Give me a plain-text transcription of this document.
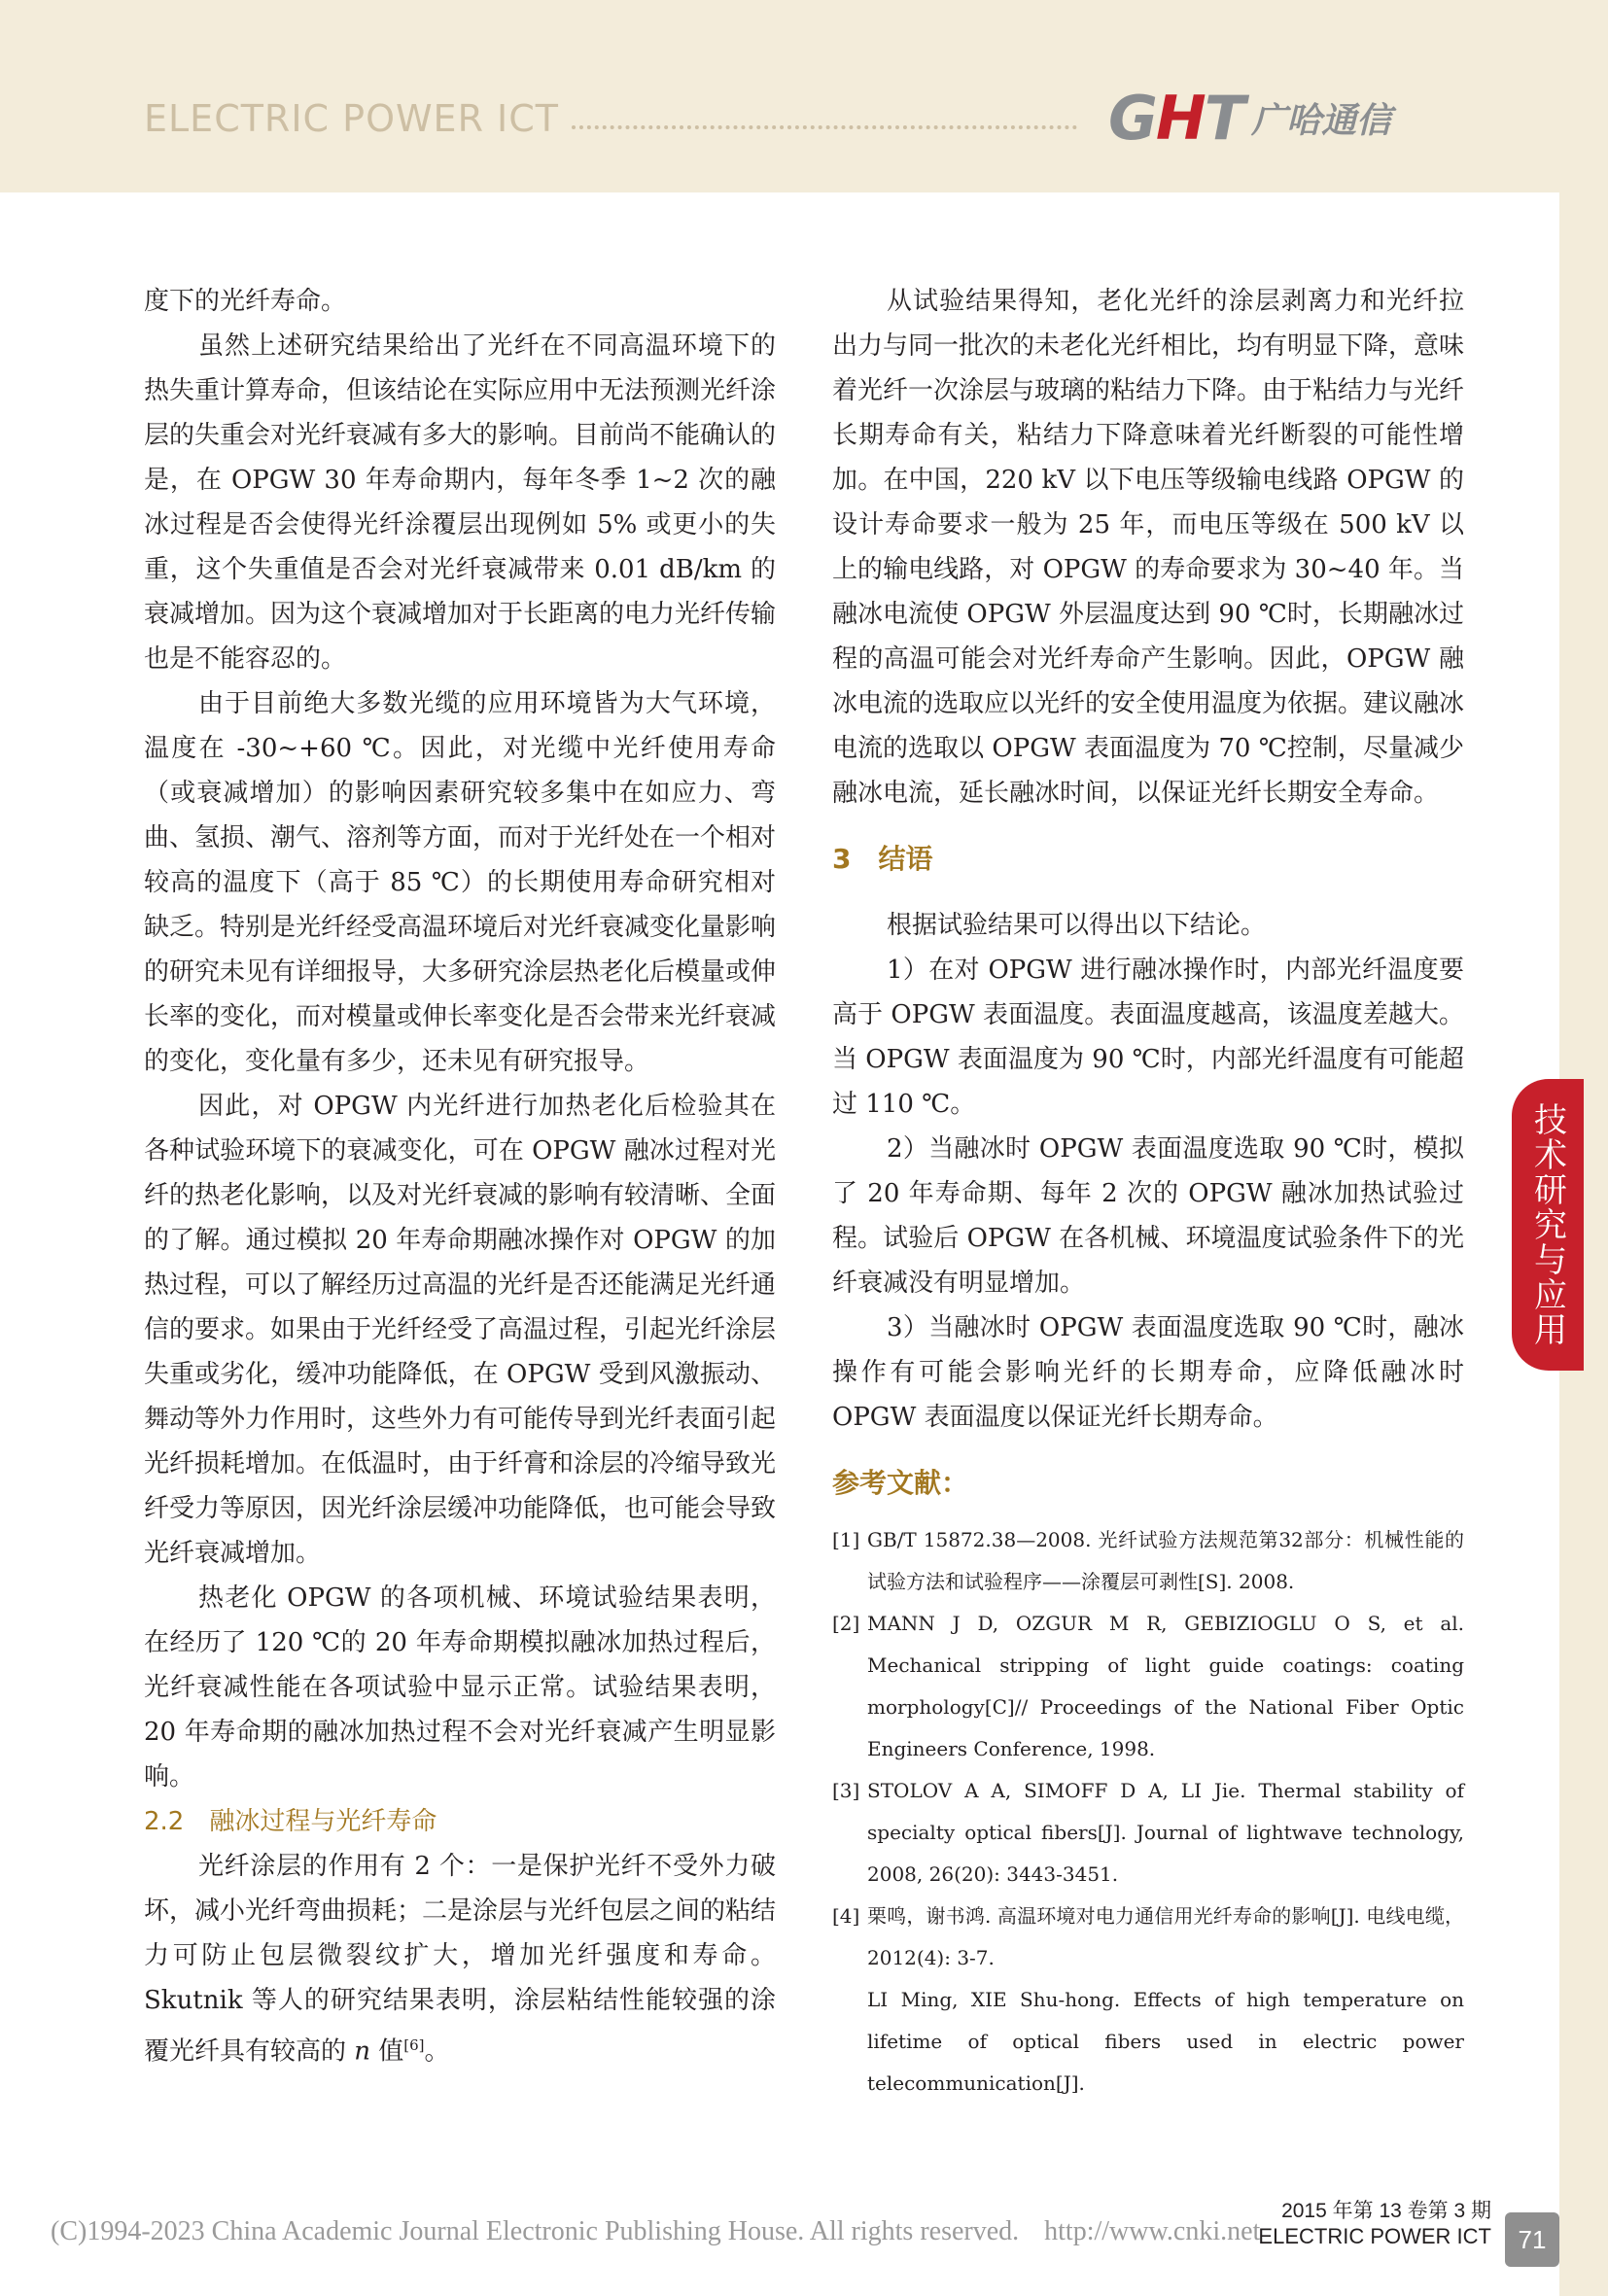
ELECTRIC POWER ICT	GHT 广哈通信

度下的光纤寿命。

虽然上述研究结果给出了光纤在不同高温环境下的热失重计算寿命，但该结论在实际应用中无法预测光纤涂层的失重会对光纤衰减有多大的影响。目前尚不能确认的是，在 OPGW 30 年寿命期内，每年冬季 1~2 次的融冰过程是否会使得光纤涂覆层出现例如 5% 或更小的失重，这个失重值是否会对光纤衰减带来 0.01 dB/km 的衰减增加。因为这个衰减增加对于长距离的电力光纤传输也是不能容忍的。

由于目前绝大多数光缆的应用环境皆为大气环境，温度在 -30~+60 ℃。因此，对光缆中光纤使用寿命（或衰减增加）的影响因素研究较多集中在如应力、弯曲、氢损、潮气、溶剂等方面，而对于光纤处在一个相对较高的温度下（高于 85 ℃）的长期使用寿命研究相对缺乏。特别是光纤经受高温环境后对光纤衰减变化量影响的研究未见有详细报导，大多研究涂层热老化后模量或伸长率的变化，而对模量或伸长率变化是否会带来光纤衰减的变化，变化量有多少，还未见有研究报导。

因此，对 OPGW 内光纤进行加热老化后检验其在各种试验环境下的衰减变化，可在 OPGW 融冰过程对光纤的热老化影响，以及对光纤衰减的影响有较清晰、全面的了解。通过模拟 20 年寿命期融冰操作对 OPGW 的加热过程，可以了解经历过高温的光纤是否还能满足光纤通信的要求。如果由于光纤经受了高温过程，引起光纤涂层失重或劣化，缓冲功能降低，在 OPGW 受到风激振动、舞动等外力作用时，这些外力有可能传导到光纤表面引起光纤损耗增加。在低温时，由于纤膏和涂层的冷缩导致光纤受力等原因，因光纤涂层缓冲功能降低，也可能会导致光纤衰减增加。

热老化 OPGW 的各项机械、环境试验结果表明，在经历了 120 ℃的 20 年寿命期模拟融冰加热过程后，光纤衰减性能在各项试验中显示正常。试验结果表明，20 年寿命期的融冰加热过程不会对光纤衰减产生明显影响。

2.2　融冰过程与光纤寿命

光纤涂层的作用有 2 个：一是保护光纤不受外力破坏，减小光纤弯曲损耗；二是涂层与光纤包层之间的粘结力可防止包层微裂纹扩大，增加光纤强度和寿命。Skutnik 等人的研究结果表明，涂层粘结性能较强的涂覆光纤具有较高的 n 值[6]。

从试验结果得知，老化光纤的涂层剥离力和光纤拉出力与同一批次的未老化光纤相比，均有明显下降，意味着光纤一次涂层与玻璃的粘结力下降。由于粘结力与光纤长期寿命有关，粘结力下降意味着光纤断裂的可能性增加。在中国，220 kV 以下电压等级输电线路 OPGW 的设计寿命要求一般为 25 年，而电压等级在 500 kV 以上的输电线路，对 OPGW 的寿命要求为 30~40 年。当融冰电流使 OPGW 外层温度达到 90 ℃时，长期融冰过程的高温可能会对光纤寿命产生影响。因此，OPGW 融冰电流的选取应以光纤的安全使用温度为依据。建议融冰电流的选取以 OPGW 表面温度为 70 ℃控制，尽量减少融冰电流，延长融冰时间，以保证光纤长期安全寿命。

3　结语

根据试验结果可以得出以下结论。

1）在对 OPGW 进行融冰操作时，内部光纤温度要高于 OPGW 表面温度。表面温度越高，该温度差越大。当 OPGW 表面温度为 90 ℃时，内部光纤温度有可能超过 110 ℃。

2）当融冰时 OPGW 表面温度选取 90 ℃时，模拟了 20 年寿命期、每年 2 次的 OPGW 融冰加热试验过程。试验后 OPGW 在各机械、环境温度试验条件下的光纤衰减没有明显增加。

3）当融冰时 OPGW 表面温度选取 90 ℃时，融冰操作有可能会影响光纤的长期寿命，应降低融冰时 OPGW 表面温度以保证光纤长期寿命。

参考文献：

[1] GB/T 15872.38—2008. 光纤试验方法规范第32部分：机械性能的试验方法和试验程序——涂覆层可剥性[S]. 2008.
[2] MANN J D, OZGUR M R, GEBIZIOGLU O S, et al. Mechanical stripping of light guide coatings: coating morphology[C]// Proceedings of the National Fiber Optic Engineers Conference, 1998.
[3] STOLOV A A, SIMOFF D A, LI Jie. Thermal stability of specialty optical fibers[J]. Journal of lightwave technology, 2008, 26(20): 3443-3451.
[4] 栗鸣，谢书鸿. 高温环境对电力通信用光纤寿命的影响[J]. 电线电缆，2012(4): 3-7.
LI Ming, XIE Shu-hong. Effects of high temperature on lifetime of optical fibers used in electric power telecommunication[J].
技术研究与应用
(C)1994-2023 China Academic Journal Electronic Publishing House. All rights reserved. http://www.cnki.net
2015 年第 13 卷第 3 期
ELECTRIC POWER ICT	71
